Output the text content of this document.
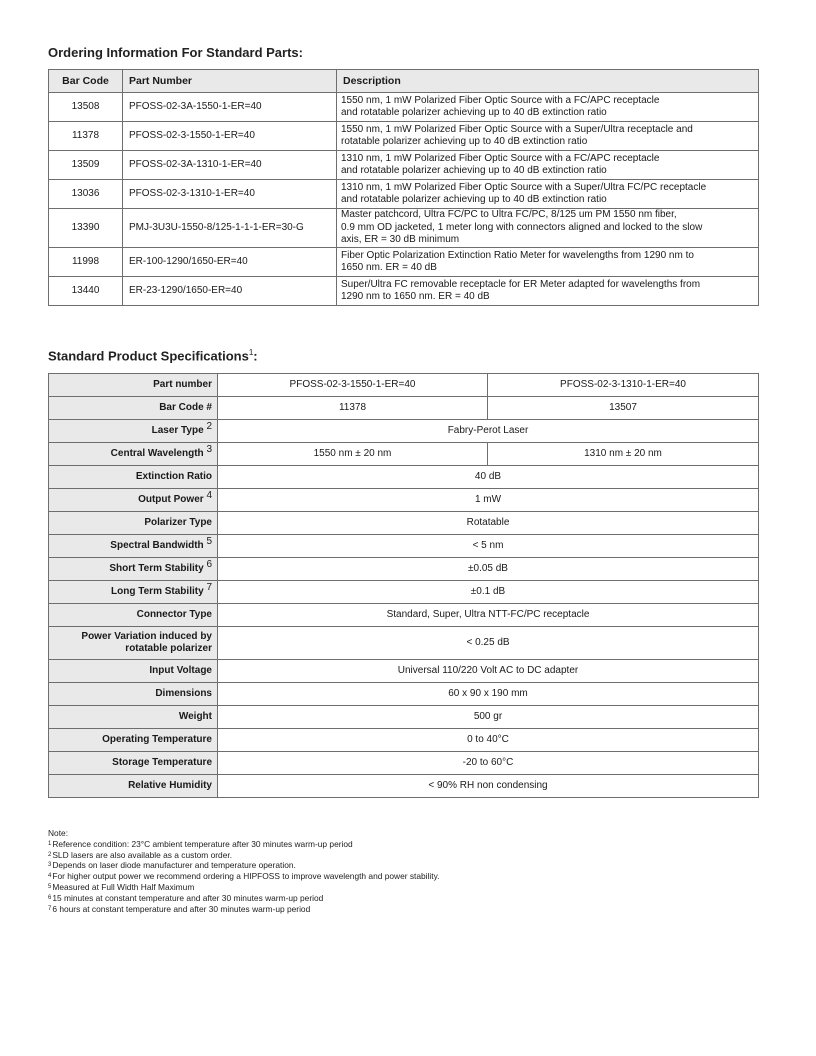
Ordering Information For Standard Parts:
Bar Code	Part Number	Description
13508	PFOSS-02-3A-1550-1-ER=40	1550 nm, 1 mW Polarized Fiber Optic Source with a FC/APC receptacle
and rotatable polarizer achieving up to 40 dB extinction ratio

11378	PFOSS-02-3-1550-1-ER=40	1550 nm, 1 mW Polarized Fiber Optic Source with a Super/Ultra receptacle and
rotatable polarizer achieving up to 40 dB extinction ratio

13509	PFOSS-02-3A-1310-1-ER=40	1310 nm, 1 mW Polarized Fiber Optic Source with a FC/APC receptacle
and rotatable polarizer achieving up to 40 dB extinction ratio

13036	PFOSS-02-3-1310-1-ER=40	1310 nm, 1 mW Polarized Fiber Optic Source with a Super/Ultra FC/PC receptacle
and rotatable polarizer achieving up to 40 dB extinction ratio

13390	PMJ-3U3U-1550-8/125-1-1-1-ER=30-G	Master patchcord, Ultra FC/PC to Ultra FC/PC, 8/125 um PM 1550 nm fiber,
0.9 mm OD jacketed, 1 meter long with connectors aligned and locked to the slow
axis, ER = 30 dB minimum

11998	ER-100-1290/1650-ER=40	Fiber Optic Polarization Extinction Ratio Meter for wavelengths from 1290 nm to
1650 nm. ER = 40 dB

13440	ER-23-1290/1650-ER=40	Super/Ultra FC removable receptacle for ER Meter adapted for wavelengths from
1290 nm to 1650 nm. ER = 40 dB
Standard Product Specifications$^1$:
Part number	PFOSS-02-3-1550-1-ER=40	PFOSS-02-3-1310-1-ER=40
Bar Code #	11378	13507
Laser Type $^2$	Fabry-Perot Laser	
Central Wavelength $^3$	1550 nm ± 20 nm	1310 nm ± 20 nm
Extinction Ratio	40 dB	
Output Power $^4$	1 mW	
Polarizer Type	Rotatable	
Spectral Bandwidth $^5$	< 5 nm	
Short Term Stability $^6$	±0.05 dB	
Long Term Stability $^7$	±0.1 dB	
Connector Type	Standard, Super, Ultra NTT-FC/PC receptacle	
Power Variation induced by rotatable polarizer	< 0.25 dB	
Input Voltage	Universal 110/220 Volt AC to DC adapter	
Dimensions	60 x 90 x 190 mm	
Weight	500 gr	
Operating Temperature	0 to 40°C	
Storage Temperature	-20 to 60°C	
Relative Humidity	< 90% RH non condensing	
Note:
$^1$Reference condition: 23°C ambient temperature after 30 minutes warm-up period
$^2$SLD lasers are also available as a custom order.
$^3$Depends on laser diode manufacturer and temperature operation.
$^4$For higher output power we recommend ordering a HIPFOSS to improve wavelength and power stability.
$^5$Measured at Full Width Half Maximum
$^6$15 minutes at constant temperature and after 30 minutes warm-up period
$^7$6 hours at constant temperature and after 30 minutes warm-up period
